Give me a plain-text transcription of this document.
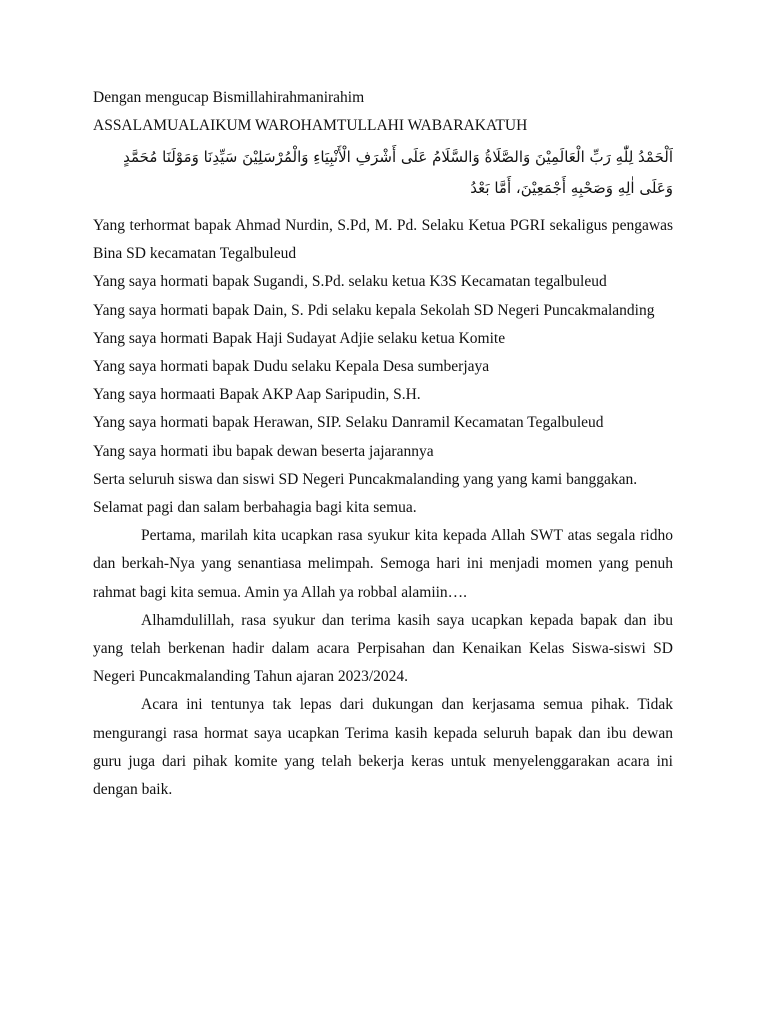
Dengan mengucap Bismillahirahmanirahim
ASSALAMUALAIKUM WAROHAMTULLAHI WABARAKATUH
اَلْحَمْدُ لِلّٰهِ رَبِّ الْعَالَمِيْنَ وَالصَّلَاةُ وَالسَّلَامُ عَلَى أَشْرَفِ الْأَنْبِيَاءِ وَالْمُرْسَلِيْنَ سَيِّدِنَا وَمَوْلَنَا مُحَمَّدٍ
وَعَلَى اٰلِهِ وَصَحْبِهِ أَجْمَعِيْنَ، أَمَّا بَعْدُ
Yang terhormat bapak Ahmad Nurdin, S.Pd, M. Pd. Selaku Ketua PGRI sekaligus pengawas Bina SD kecamatan Tegalbuleud
Yang saya hormati bapak Sugandi, S.Pd. selaku ketua K3S Kecamatan tegalbuleud
Yang saya hormati bapak Dain, S. Pdi selaku kepala Sekolah SD Negeri Puncakmalanding
Yang saya hormati Bapak Haji Sudayat Adjie selaku ketua Komite
Yang saya hormati bapak Dudu selaku Kepala Desa sumberjaya
Yang saya hormaati Bapak AKP Aap Saripudin, S.H.
Yang saya hormati bapak Herawan, SIP. Selaku Danramil Kecamatan Tegalbuleud
Yang saya hormati ibu bapak dewan beserta jajarannya
Serta seluruh siswa dan siswi SD Negeri Puncakmalanding yang yang kami banggakan.
Selamat pagi dan salam berbahagia bagi kita semua.
Pertama, marilah kita ucapkan rasa syukur kita kepada Allah SWT atas segala ridho dan berkah-Nya yang senantiasa melimpah. Semoga hari ini menjadi momen yang penuh rahmat bagi kita semua. Amin ya Allah ya robbal alamiin….
Alhamdulillah, rasa syukur dan terima kasih saya ucapkan kepada bapak dan ibu yang telah berkenan hadir dalam acara Perpisahan dan Kenaikan Kelas Siswa-siswi SD Negeri Puncakmalanding Tahun ajaran 2023/2024.
Acara ini tentunya tak lepas dari dukungan dan kerjasama semua pihak. Tidak mengurangi rasa hormat saya ucapkan Terima kasih kepada seluruh bapak dan ibu dewan guru juga dari pihak komite yang telah bekerja keras untuk menyelenggarakan acara ini dengan baik.
